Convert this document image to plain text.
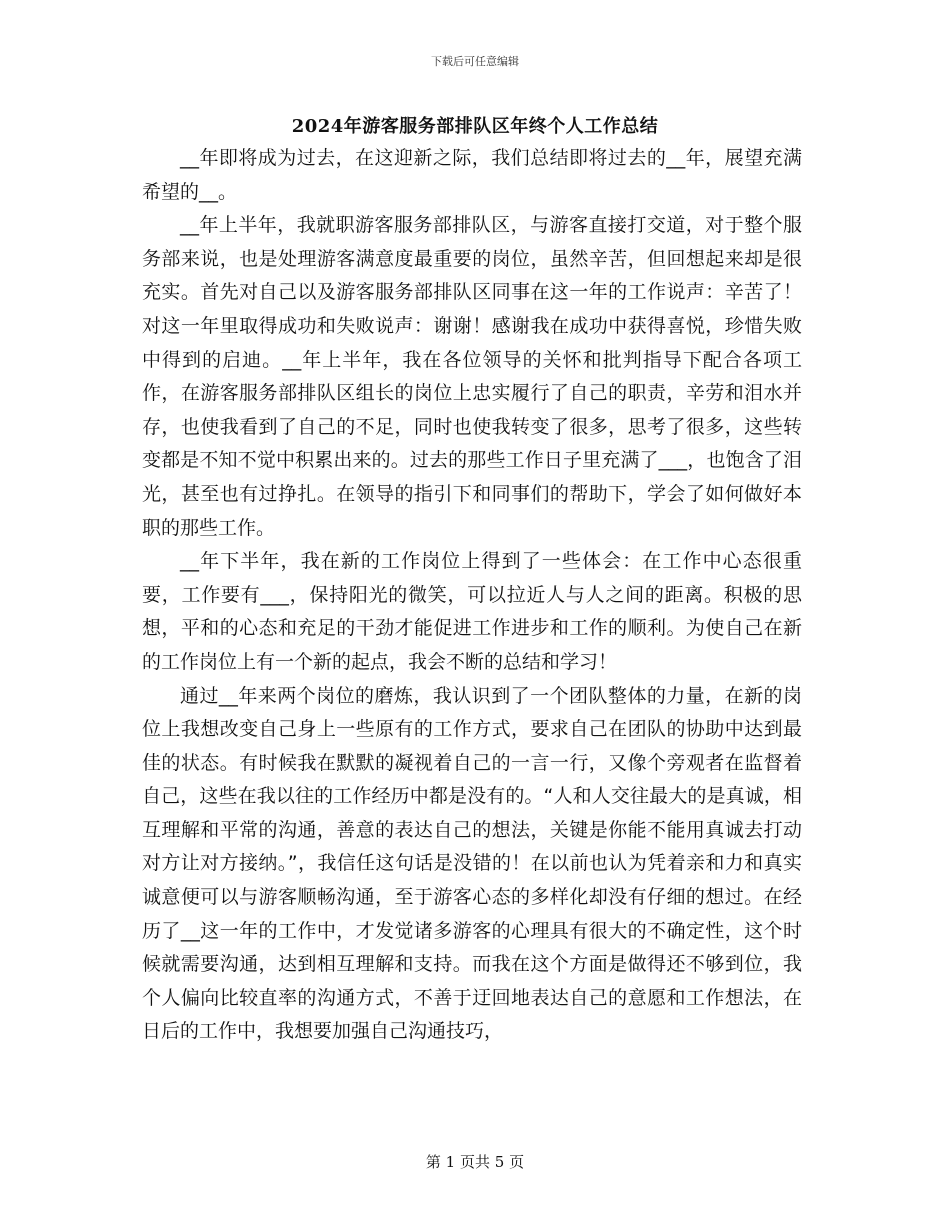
下载后可任意编辑
2024年游客服务部排队区年终个人工作总结

__年即将成为过去，在这迎新之际，我们总结即将过去的__年，展望充满希望的__。

__年上半年，我就职游客服务部排队区，与游客直接打交道，对于整个服务部来说，也是处理游客满意度最重要的岗位，虽然辛苦，但回想起来却是很充实。首先对自己以及游客服务部排队区同事在这一年的工作说声：辛苦了！对这一年里取得成功和失败说声：谢谢！感谢我在成功中获得喜悦，珍惜失败中得到的启迪。__年上半年，我在各位领导的关怀和批判指导下配合各项工作，在游客服务部排队区组长的岗位上忠实履行了自己的职责，辛劳和泪水并存，也使我看到了自己的不足，同时也使我转变了很多，思考了很多，这些转变都是不知不觉中积累出来的。过去的那些工作日子里充满了___，也饱含了泪光，甚至也有过挣扎。在领导的指引下和同事们的帮助下，学会了如何做好本职的那些工作。

__年下半年，我在新的工作岗位上得到了一些体会：在工作中心态很重要，工作要有___，保持阳光的微笑，可以拉近人与人之间的距离。积极的思想，平和的心态和充足的干劲才能促进工作进步和工作的顺利。为使自己在新的工作岗位上有一个新的起点，我会不断的总结和学习！

通过__年来两个岗位的磨炼，我认识到了一个团队整体的力量，在新的岗位上我想改变自己身上一些原有的工作方式，要求自己在团队的协助中达到最佳的状态。有时候我在默默的凝视着自己的一言一行，又像个旁观者在监督着自己，这些在我以往的工作经历中都是没有的。“人和人交往最大的是真诚，相互理解和平常的沟通，善意的表达自己的想法，关键是你能不能用真诚去打动对方让对方接纳。”，我信任这句话是没错的！在以前也认为凭着亲和力和真实诚意便可以与游客顺畅沟通，至于游客心态的多样化却没有仔细的想过。在经历了__这一年的工作中，才发觉诸多游客的心理具有很大的不确定性，这个时候就需要沟通，达到相互理解和支持。而我在这个方面是做得还不够到位，我个人偏向比较直率的沟通方式，不善于迂回地表达自己的意愿和工作想法，在日后的工作中，我想要加强自己沟通技巧，

第 1 页共 5 页
